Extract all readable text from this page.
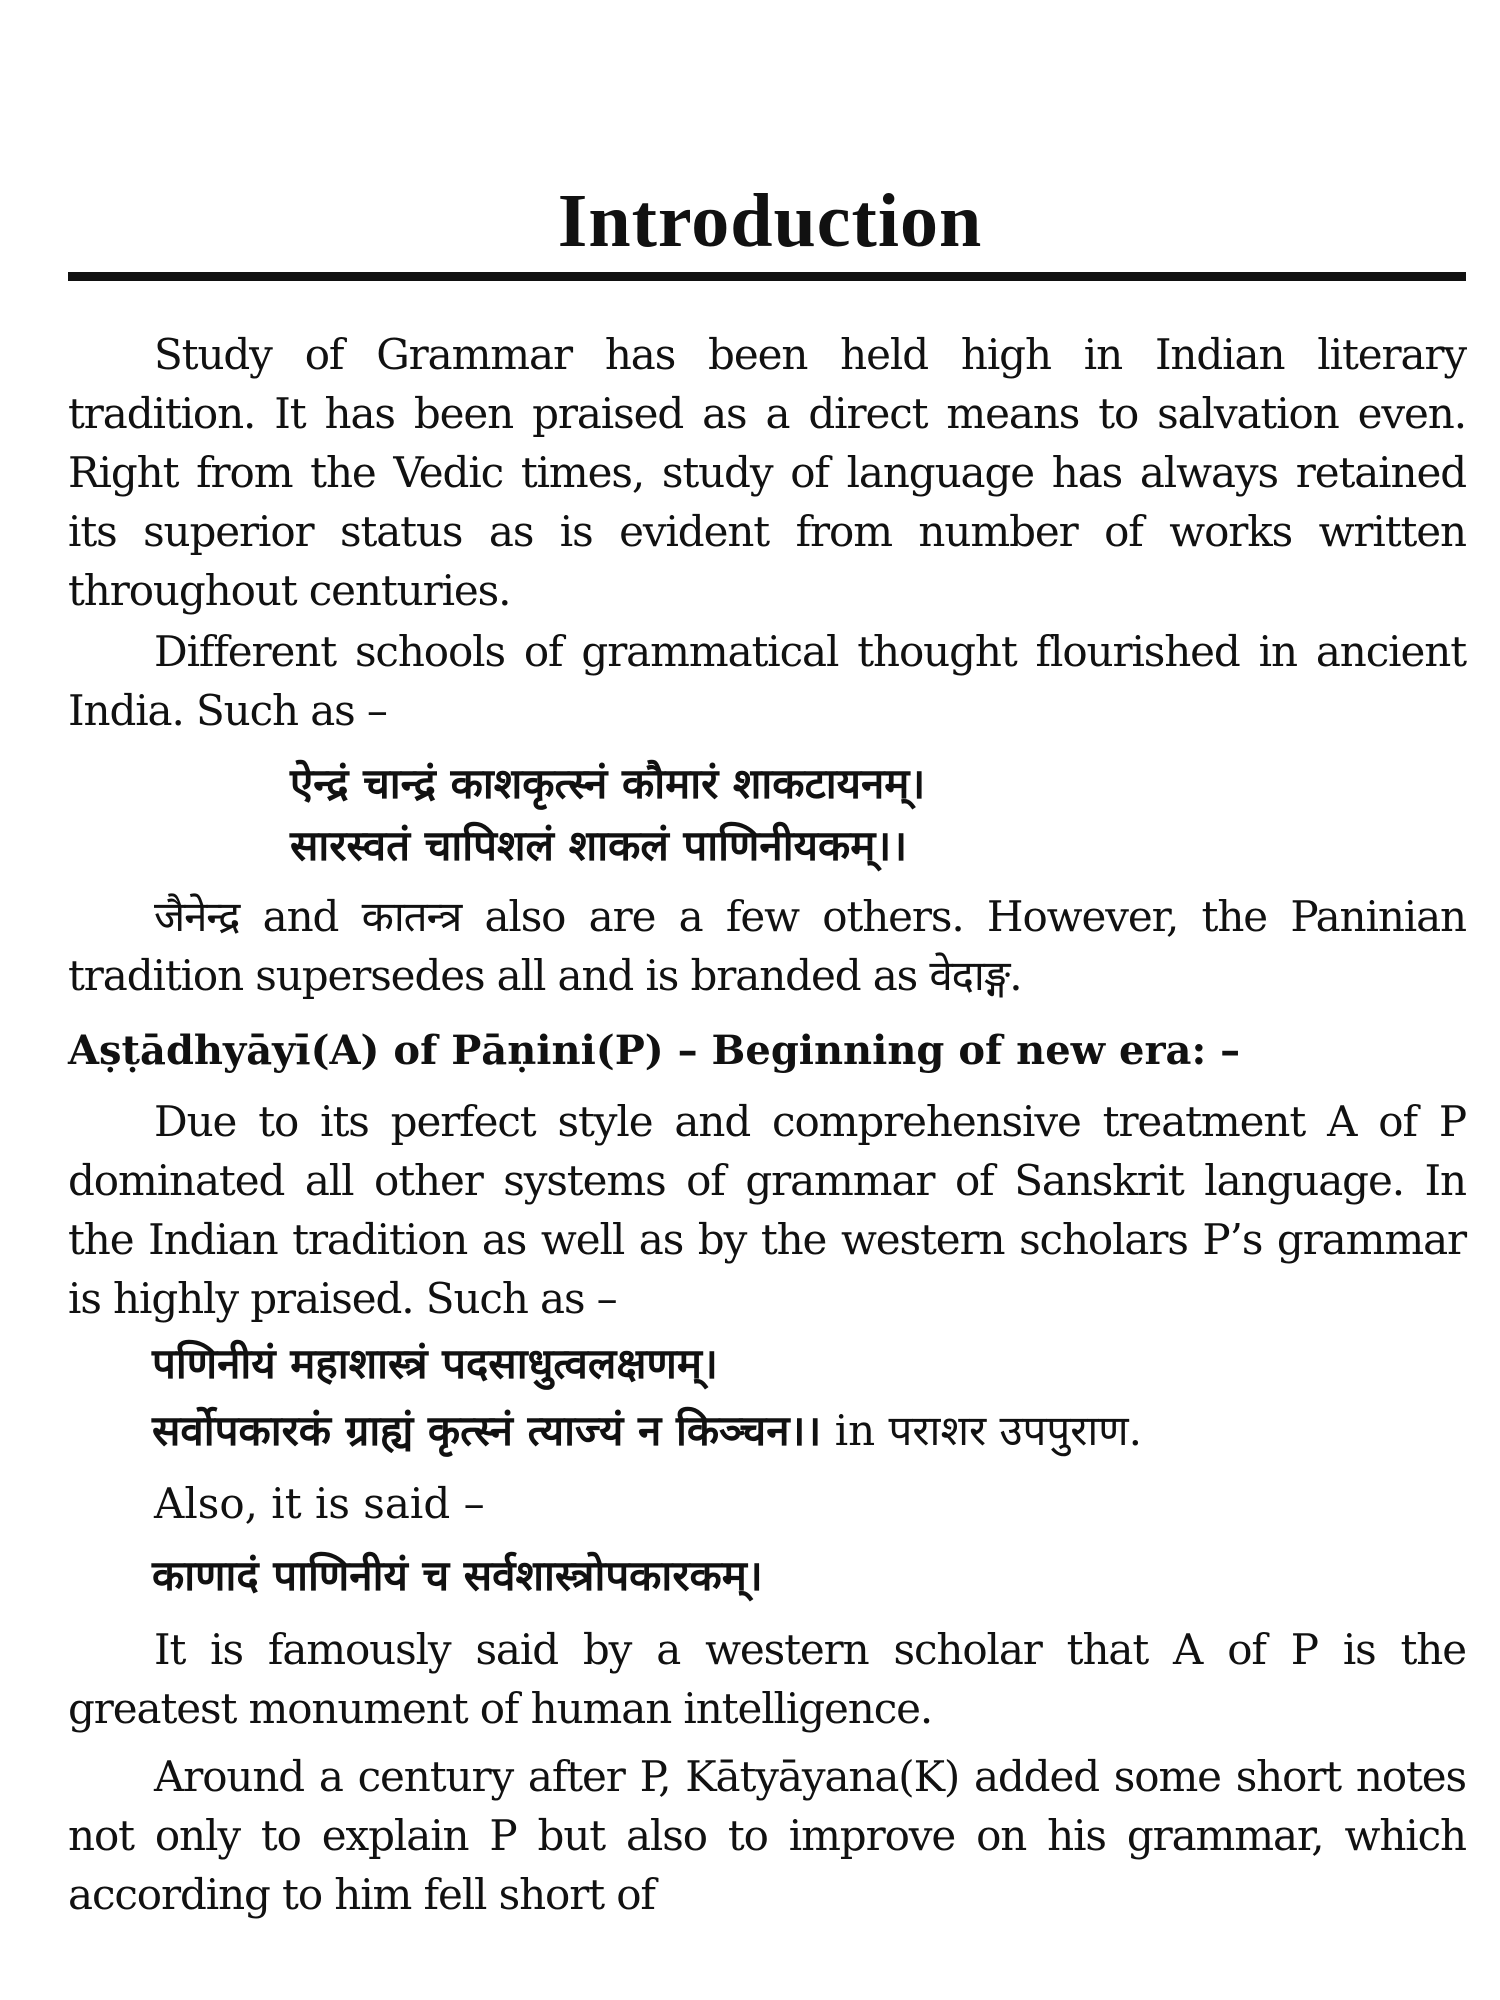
Introduction

Study of Grammar has been held high in Indian literary tradition. It has been praised as a direct means to salvation even. Right from the Vedic times, study of language has always retained its superior status as is evident from number of works written throughout centuries.

Different schools of grammatical thought flourished in ancient India. Such as –

ऐन्द्रं चान्द्रं काशकृत्स्नं कौमारं शाकटायनम्।

सारस्वतं चापिशलं शाकलं पाणिनीयकम्।।

जैनेन्द्र and कातन्त्र also are a few others. However, the Paninian tradition supersedes all and is branded as वेदाङ्ग.

Aṣṭādhyāyī(A) of Pāṇini(P) – Beginning of new era: –

Due to its perfect style and comprehensive treatment A of P dominated all other systems of grammar of Sanskrit language. In the Indian tradition as well as by the western scholars P’s grammar is highly praised. Such as –

पणिनीयं महाशास्त्रं पदसाधुत्वलक्षणम्।

सर्वोपकारकं ग्राह्यं कृत्स्नं त्याज्यं न किञ्चन।। in पराशर उपपुराण.

Also, it is said –

काणादं पाणिनीयं च सर्वशास्त्रोपकारकम्।

It is famously said by a western scholar that A of P is the greatest monument of human intelligence.

Around a century after P, Kātyāyana(K) added some short notes not only to explain P but also to improve on his grammar, which according to him fell short of
